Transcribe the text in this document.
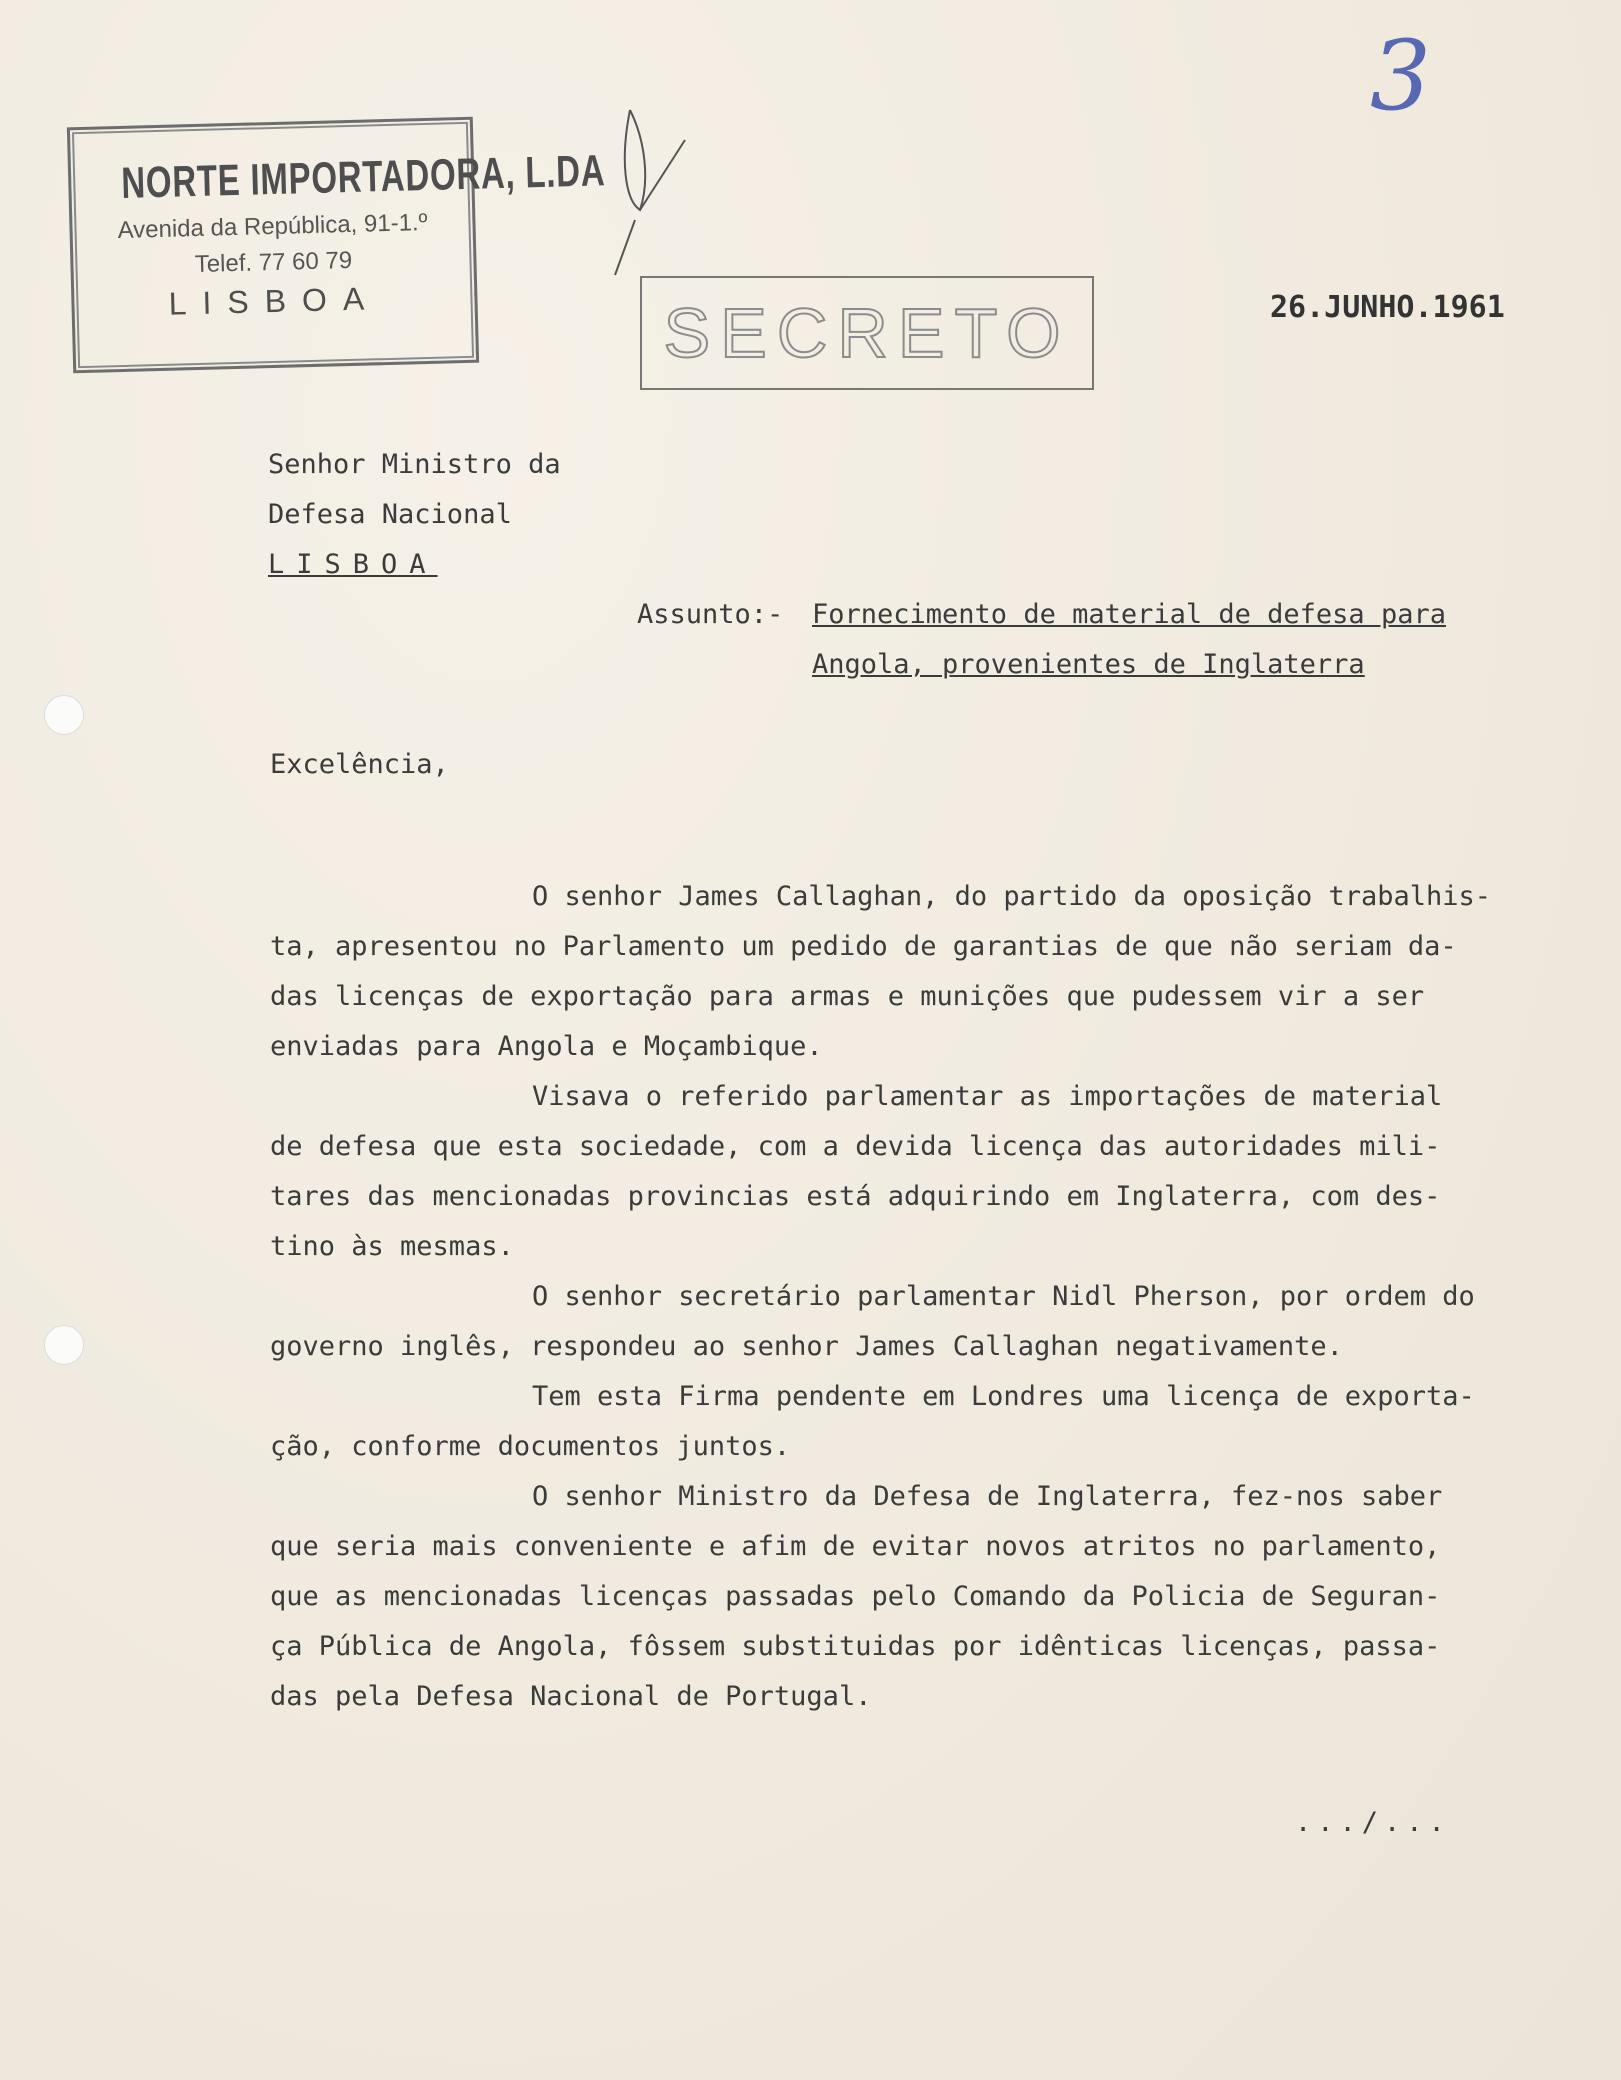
3
NORTE IMPORTADORA, L.DA
Avenida da República, 91-1.º
Telef. 77 60 79
LISBOA	SECRETO	26.JUNHO.1961
Senhor Ministro da
Defesa Nacional
LISBOA
Assunto:- Fornecimento de material de defesa para
Angola, provenientes de Inglaterra
Excelência,

O senhor James Callaghan, do partido da oposição trabalhis-

ta, apresentou no Parlamento um pedido de garantias de que não seriam da-

das licenças de exportação para armas e munições que pudessem vir a ser

enviadas para Angola e Moçambique.

Visava o referido parlamentar as importações de material

de defesa que esta sociedade, com a devida licença das autoridades mili-

tares das mencionadas provincias está adquirindo em Inglaterra, com des-

tino às mesmas.

O senhor secretário parlamentar Nidl Pherson, por ordem do

governo inglês, respondeu ao senhor James Callaghan negativamente.

Tem esta Firma pendente em Londres uma licença de exporta-

ção, conforme documentos juntos.

O senhor Ministro da Defesa de Inglaterra, fez-nos saber

que seria mais conveniente e afim de evitar novos atritos no parlamento,

que as mencionadas licenças passadas pelo Comando da Policia de Seguran-

ça Pública de Angola, fôssem substituidas por idênticas licenças, passa-

das pela Defesa Nacional de Portugal.

.../...
